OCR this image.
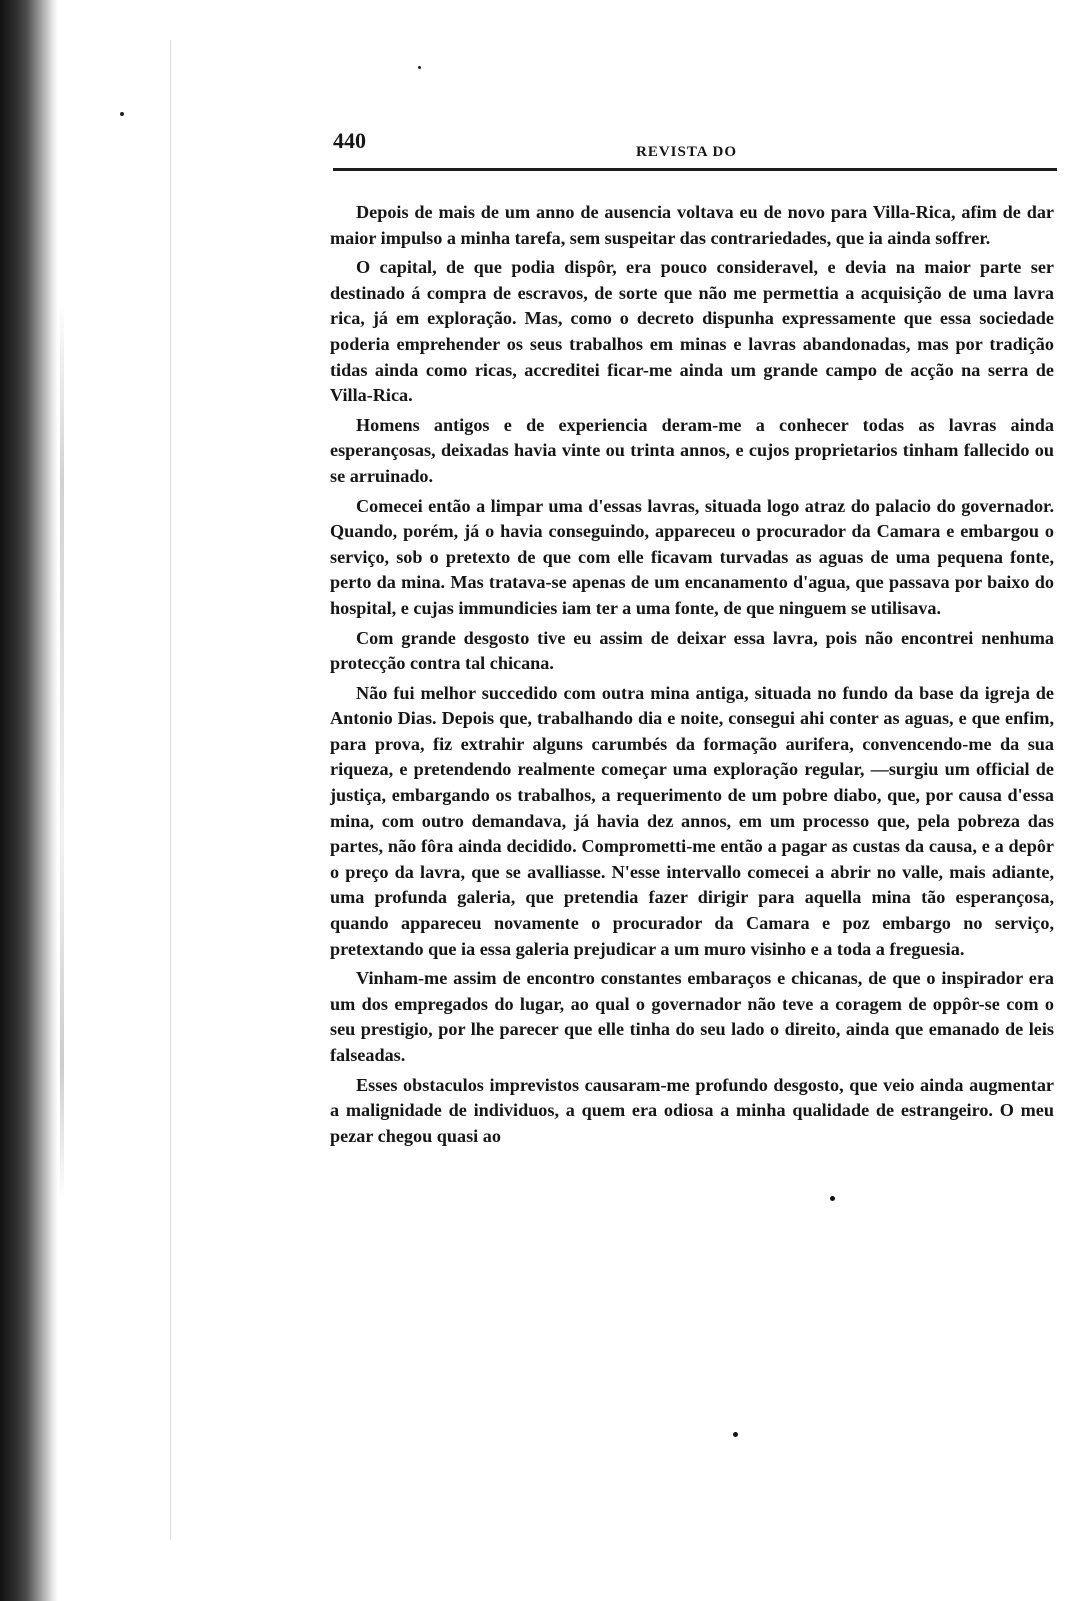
440	REVISTA DO

Depois de mais de um anno de ausencia voltava eu de novo para Villa-Rica, afim de dar maior impulso a minha tarefa, sem suspeitar das contrariedades, que ia ainda soffrer.

O capital, de que podia dispôr, era pouco consideravel, e devia na maior parte ser destinado á compra de escravos, de sorte que não me permettia a acquisição de uma lavra rica, já em exploração. Mas, como o decreto dispunha expressamente que essa sociedade poderia emprehender os seus trabalhos em minas e lavras abandonadas, mas por tradição tidas ainda como ricas, accreditei ficar-me ainda um grande campo de acção na serra de Villa-Rica.

Homens antigos e de experiencia deram-me a conhecer todas as lavras ainda esperançosas, deixadas havia vinte ou trinta annos, e cujos proprietarios tinham fallecido ou se arruinado.

Comecei então a limpar uma d'essas lavras, situada logo atraz do palacio do governador. Quando, porém, já o havia conseguindo, appareceu o procurador da Camara e embargou o serviço, sob o pretexto de que com elle ficavam turvadas as aguas de uma pequena fonte, perto da mina. Mas tratava-se apenas de um encanamento d'agua, que passava por baixo do hospital, e cujas immundicies iam ter a uma fonte, de que ninguem se utilisava.

Com grande desgosto tive eu assim de deixar essa lavra, pois não encontrei nenhuma protecção contra tal chicana.

Não fui melhor succedido com outra mina antiga, situada no fundo da base da igreja de Antonio Dias. Depois que, trabalhando dia e noite, consegui ahi conter as aguas, e que enfim, para prova, fiz extrahir alguns carumbés da formação aurifera, convencendo-me da sua riqueza, e pretendendo realmente começar uma exploração regular, —surgiu um official de justiça, embargando os trabalhos, a requerimento de um pobre diabo, que, por causa d'essa mina, com outro demandava, já havia dez annos, em um processo que, pela pobreza das partes, não fôra ainda decidido. Comprometti-me então a pagar as custas da causa, e a depôr o preço da lavra, que se avalliasse. N'esse intervallo comecei a abrir no valle, mais adiante, uma profunda galeria, que pretendia fazer dirigir para aquella mina tão esperançosa, quando appareceu novamente o procurador da Camara e poz embargo no serviço, pretextando que ia essa galeria prejudicar a um muro visinho e a toda a freguesia.

Vinham-me assim de encontro constantes embaraços e chicanas, de que o inspirador era um dos empregados do lugar, ao qual o governador não teve a coragem de oppôr-se com o seu prestigio, por lhe parecer que elle tinha do seu lado o direito, ainda que emanado de leis falseadas.

Esses obstaculos imprevistos causaram-me profundo desgosto, que veio ainda augmentar a malignidade de individuos, a quem era odiosa a minha qualidade de estrangeiro. O meu pezar chegou quasi ao
